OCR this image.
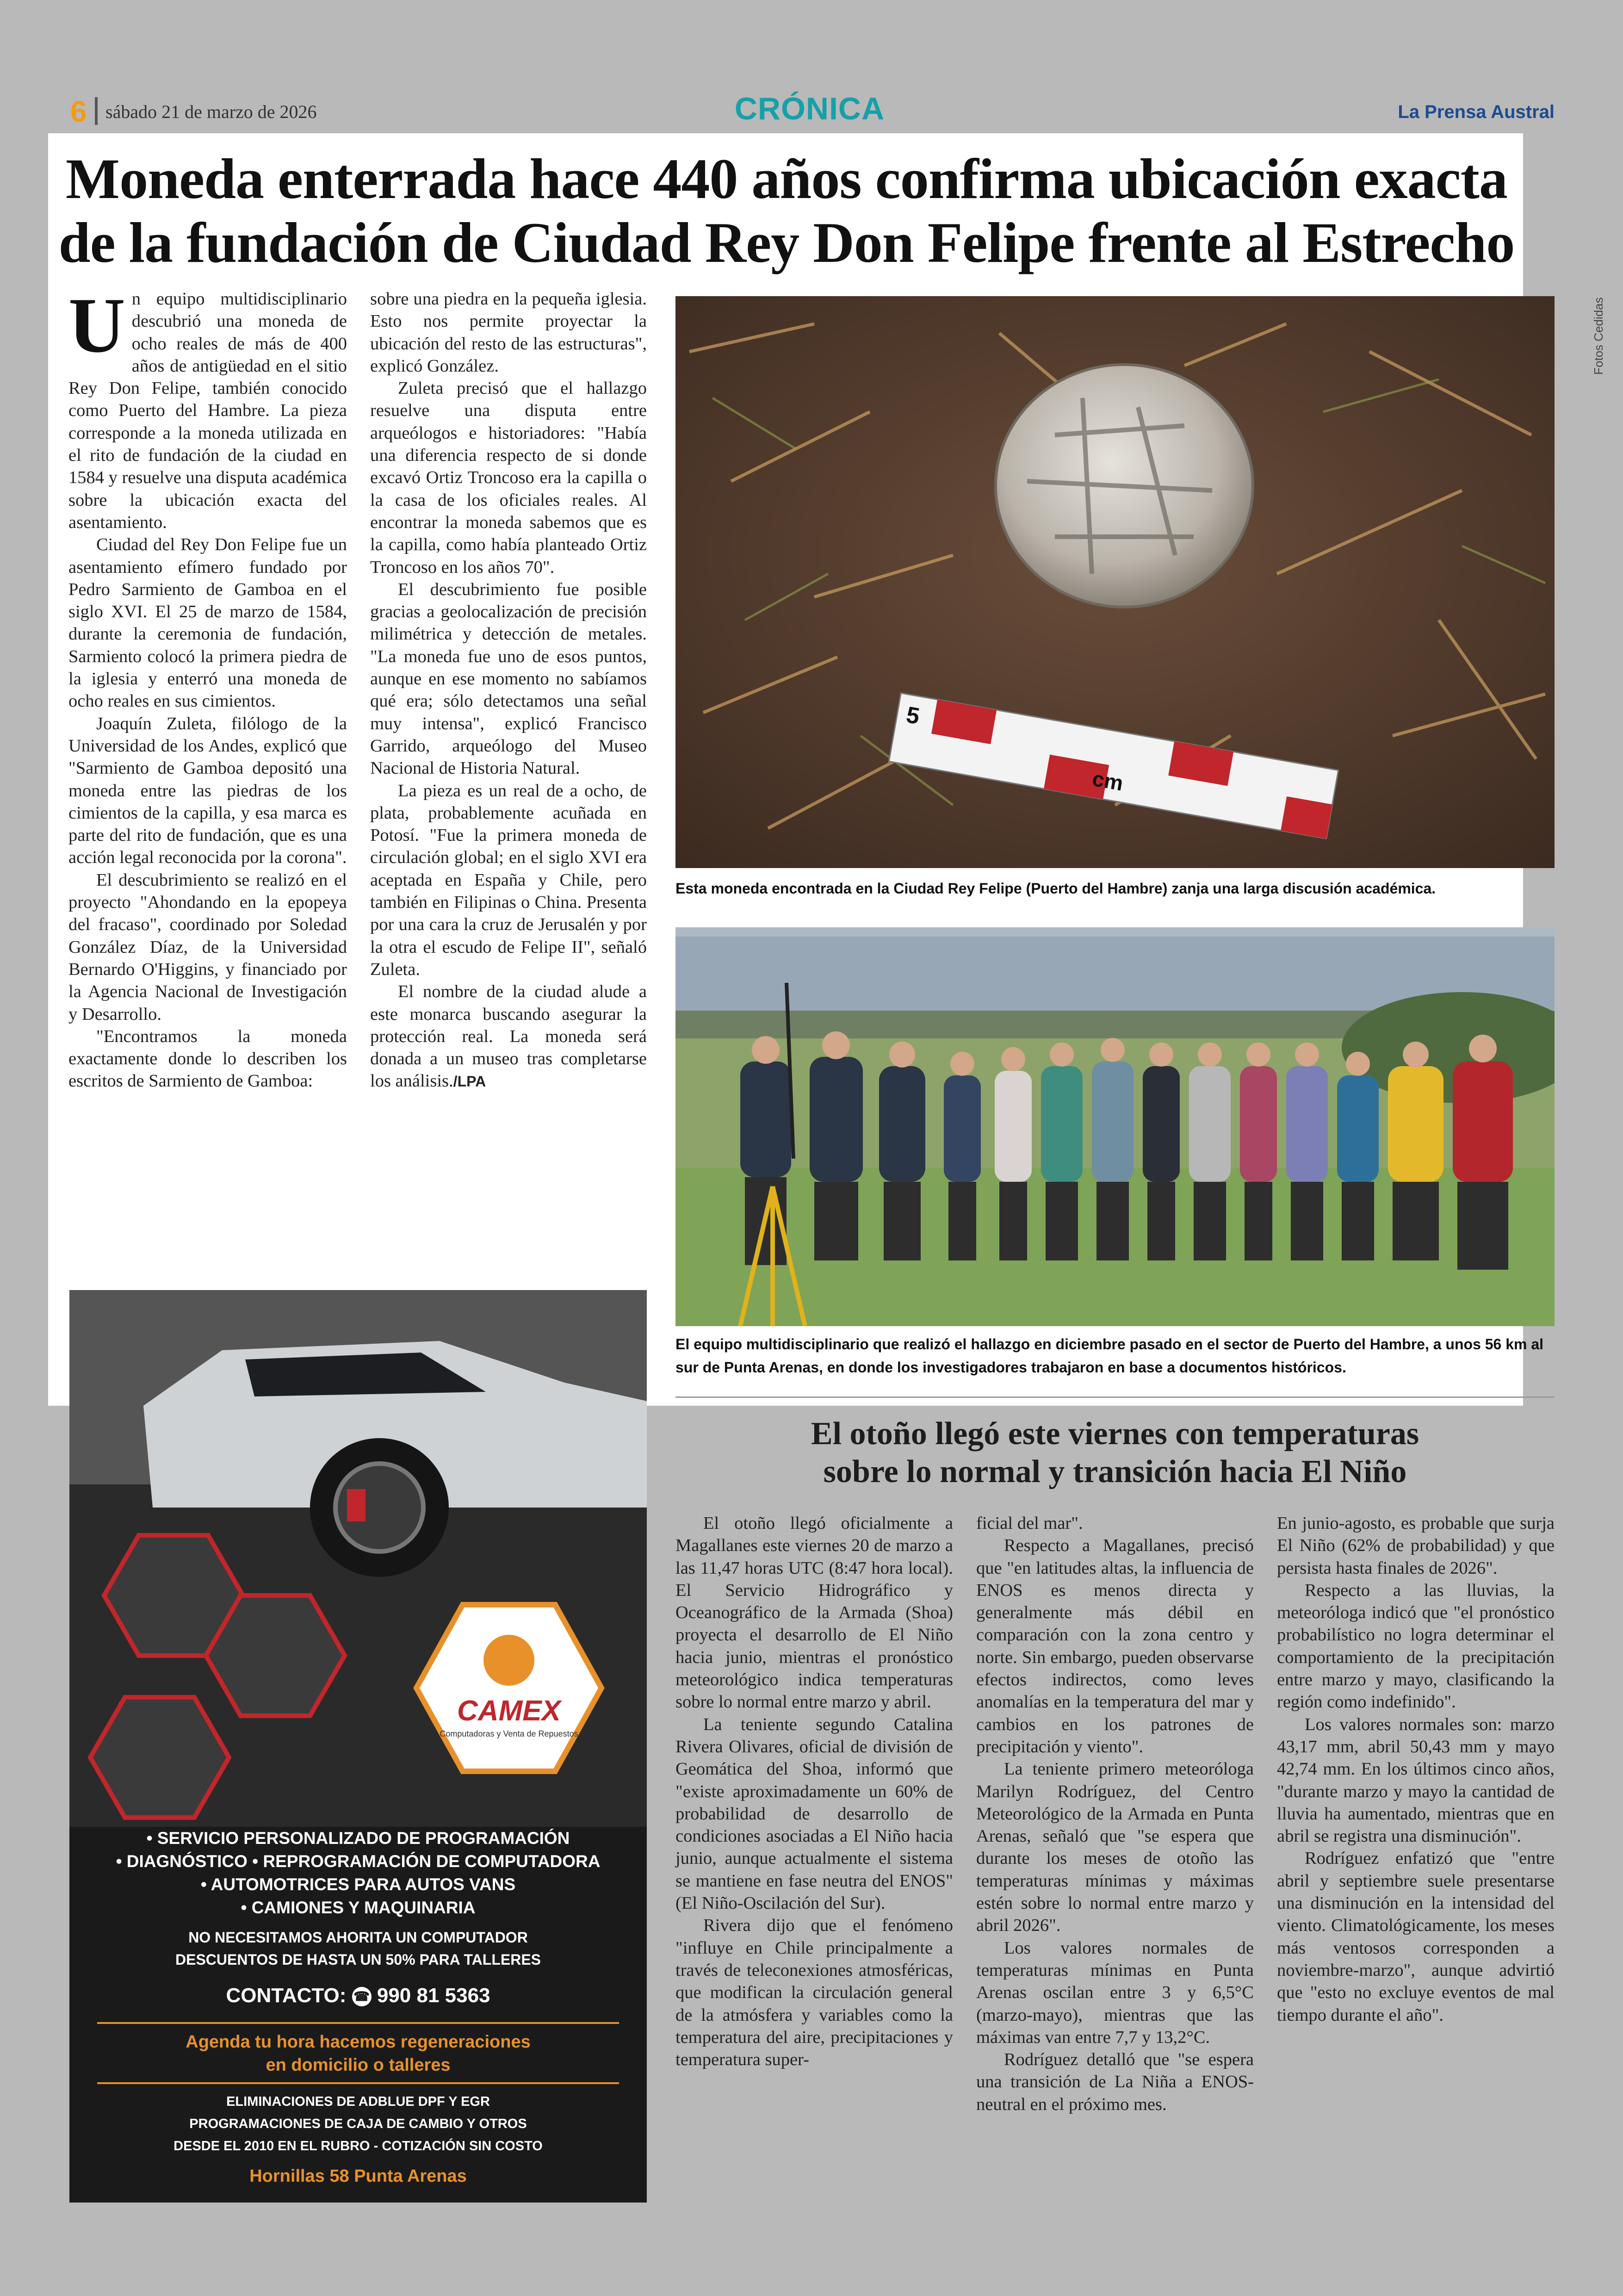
6 sábado 21 de marzo de 2026	CRÓNICA	La Prensa Austral
Moneda enterrada hace 440 años confirma ubicación exacta
de la fundación de Ciudad Rey Don Felipe frente al Estrecho
U n equipo multidisciplinario descubrió una moneda de ocho reales de más de 400 años de antigüedad en el sitio Rey Don Felipe, también conocido como Puerto del Hambre. La pieza corresponde a la moneda utilizada en el rito de fundación de la ciudad en 1584 y resuelve una disputa académica sobre la ubicación exacta del asentamiento.

Ciudad del Rey Don Felipe fue un asentamiento efímero fundado por Pedro Sarmiento de Gamboa en el siglo XVI. El 25 de marzo de 1584, durante la ceremonia de fundación, Sarmiento colocó la primera piedra de la iglesia y enterró una moneda de ocho reales en sus cimientos.

Joaquín Zuleta, filólogo de la Universidad de los Andes, explicó que "Sarmiento de Gamboa depositó una moneda entre las piedras de los cimientos de la capilla, y esa marca es parte del rito de fundación, que es una acción legal reconocida por la corona".

El descubrimiento se realizó en el proyecto "Ahondando en la epopeya del fracaso", coordinado por Soledad González Díaz, de la Universidad Bernardo O'Higgins, y financiado por la Agencia Nacional de Investigación y Desarrollo.

"Encontramos la moneda exactamente donde lo describen los escritos de Sarmiento de Gamboa:

sobre una piedra en la pequeña iglesia. Esto nos permite proyectar la ubicación del resto de las estructuras", explicó González.

Zuleta precisó que el hallazgo resuelve una disputa entre arqueólogos e historiadores: "Había una diferencia respecto de si donde excavó Ortiz Troncoso era la capilla o la casa de los oficiales reales. Al encontrar la moneda sabemos que es la capilla, como había planteado Ortiz Troncoso en los años 70".

El descubrimiento fue posible gracias a geolocalización de precisión milimétrica y detección de metales. "La moneda fue uno de esos puntos, aunque en ese momento no sabíamos qué era; sólo detectamos una señal muy intensa", explicó Francisco Garrido, arqueólogo del Museo Nacional de Historia Natural.

La pieza es un real de a ocho, de plata, probablemente acuñada en Potosí. "Fue la primera moneda de circulación global; en el siglo XVI era aceptada en España y Chile, pero también en Filipinas o China. Presenta por una cara la cruz de Jerusalén y por la otra el escudo de Felipe II", señaló Zuleta.

El nombre de la ciudad alude a este monarca buscando asegurar la protección real. La moneda será donada a un museo tras completarse los análisis./LPA

5
cm
Esta moneda encontrada en la Ciudad Rey Felipe (Puerto del Hambre) zanja una larga discusión académica.
Fotos Cedidas
El equipo multidisciplinario que realizó el hallazgo en diciembre pasado en el sector de Puerto del Hambre, a unos 56 km al sur de Punta Arenas, en donde los investigadores trabajaron en base a documentos históricos.
CAMEX
Computadoras y Venta de Repuestos
• SERVICIO PERSONALIZADO DE PROGRAMACIÓN
• DIAGNÓSTICO • REPROGRAMACIÓN DE COMPUTADORA
• AUTOMOTRICES PARA AUTOS VANS
• CAMIONES Y MAQUINARIA
NO NECESITAMOS AHORITA UN COMPUTADOR
DESCUENTOS DE HASTA UN 50% PARA TALLERES
CONTACTO: ☎ 990 81 5363
Agenda tu hora hacemos regeneraciones
en domicilio o talleres
ELIMINACIONES DE ADBLUE DPF Y EGR
PROGRAMACIONES DE CAJA DE CAMBIO Y OTROS
DESDE EL 2010 EN EL RUBRO - COTIZACIÓN SIN COSTO
Hornillas 58 Punta Arenas
El otoño llegó este viernes con temperaturas
sobre lo normal y transición hacia El Niño

El otoño llegó oficialmente a Magallanes este viernes 20 de marzo a las 11,47 horas UTC (8:47 hora local). El Servicio Hidrográfico y Oceanográfico de la Armada (Shoa) proyecta el desarrollo de El Niño hacia junio, mientras el pronóstico meteorológico indica temperaturas sobre lo normal entre marzo y abril.

La teniente segundo Catalina Rivera Olivares, oficial de división de Geomática del Shoa, informó que "existe aproximadamente un 60% de probabilidad de desarrollo de condiciones asociadas a El Niño hacia junio, aunque actualmente el sistema se mantiene en fase neutra del ENOS" (El Niño-Oscilación del Sur).

Rivera dijo que el fenómeno "influye en Chile principalmente a través de teleconexiones atmosféricas, que modifican la circulación general de la atmósfera y variables como la temperatura del aire, precipitaciones y temperatura super-

ficial del mar".

Respecto a Magallanes, precisó que "en latitudes altas, la influencia de ENOS es menos directa y generalmente más débil en comparación con la zona centro y norte. Sin embargo, pueden observarse efectos indirectos, como leves anomalías en la temperatura del mar y cambios en los patrones de precipitación y viento".

La teniente primero meteoróloga Marilyn Rodríguez, del Centro Meteorológico de la Armada en Punta Arenas, señaló que "se espera que durante los meses de otoño las temperaturas mínimas y máximas estén sobre lo normal entre marzo y abril 2026".

Los valores normales de temperaturas mínimas en Punta Arenas oscilan entre 3 y 6,5°C (marzo-mayo), mientras que las máximas van entre 7,7 y 13,2°C.

Rodríguez detalló que "se espera una transición de La Niña a ENOS-neutral en el próximo mes.

En junio-agosto, es probable que surja El Niño (62% de probabilidad) y que persista hasta finales de 2026".

Respecto a las lluvias, la meteoróloga indicó que "el pronóstico probabilístico no logra determinar el comportamiento de la precipitación entre marzo y mayo, clasificando la región como indefinido".

Los valores normales son: marzo 43,17 mm, abril 50,43 mm y mayo 42,74 mm. En los últimos cinco años, "durante marzo y mayo la cantidad de lluvia ha aumentado, mientras que en abril se registra una disminución".

Rodríguez enfatizó que "entre abril y septiembre suele presentarse una disminución en la intensidad del viento. Climatológicamente, los meses más ventosos corresponden a noviembre-marzo", aunque advirtió que "esto no excluye eventos de mal tiempo durante el año".
